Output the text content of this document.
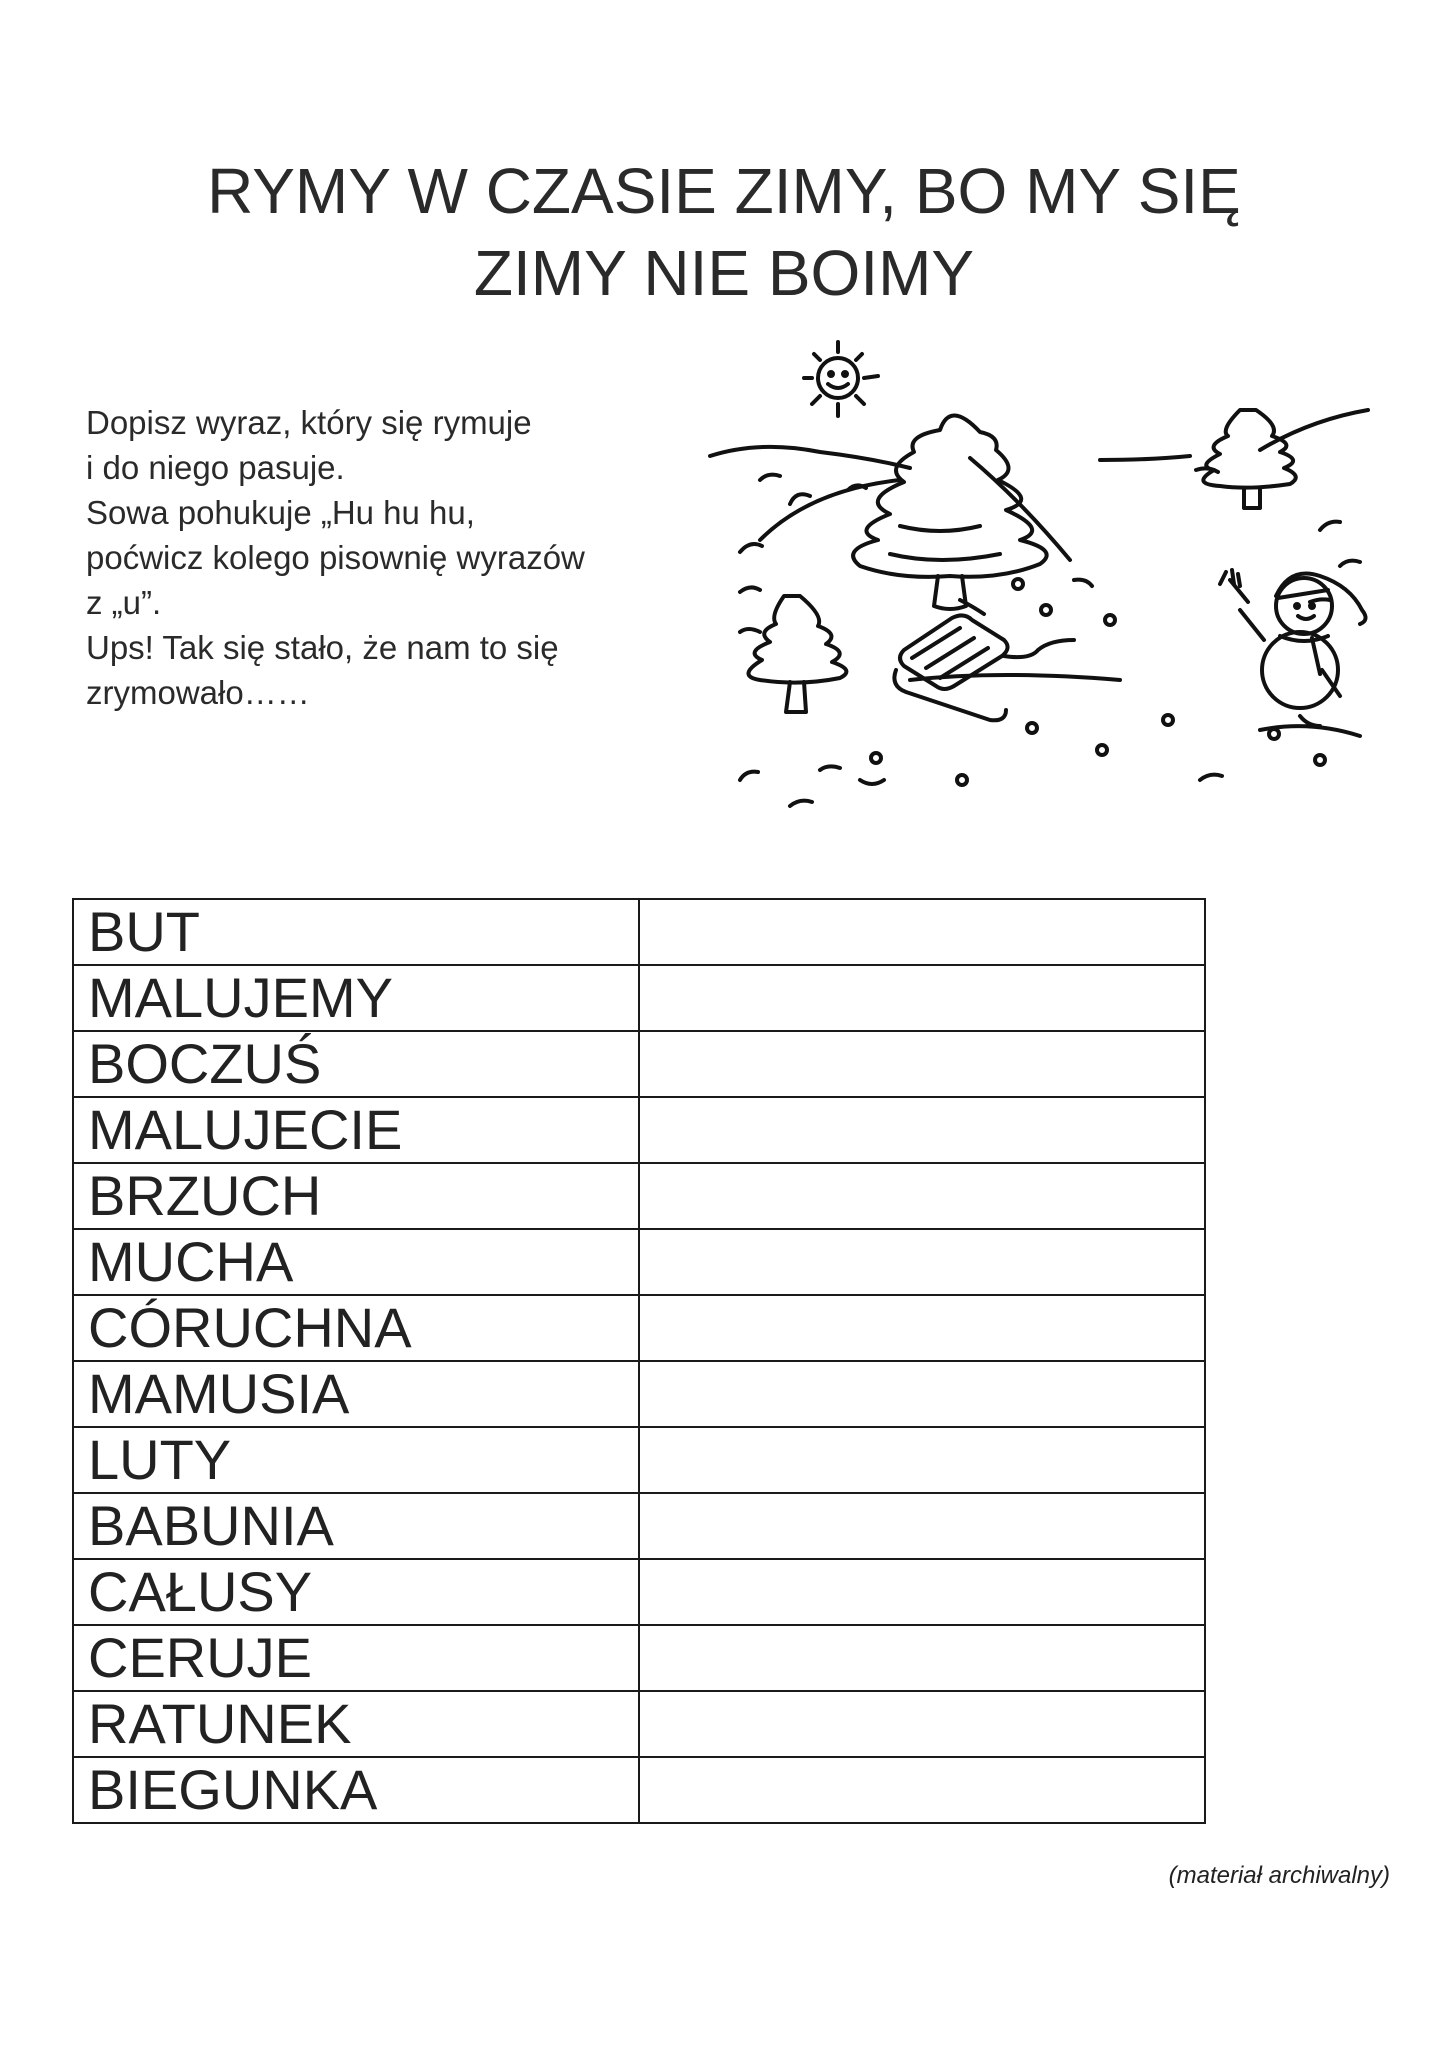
RYMY W CZASIE ZIMY, BO MY SIĘ
ZIMY NIE BOIMY
Dopisz wyraz, który się rymuje
i do niego pasuje.
Sowa pohukuje „Hu hu hu,
poćwicz kolego pisownię wyrazów
z „u”.
Ups! Tak się stało, że nam to się
zrymowało……
BUT	
MALUJEMY	
BOCZUŚ	
MALUJECIE	
BRZUCH	
MUCHA	
CÓRUCHNA	
MAMUSIA	
LUTY	
BABUNIA	
CAŁUSY	
CERUJE	
RATUNEK	
BIEGUNKA	
(materiał archiwalny)
